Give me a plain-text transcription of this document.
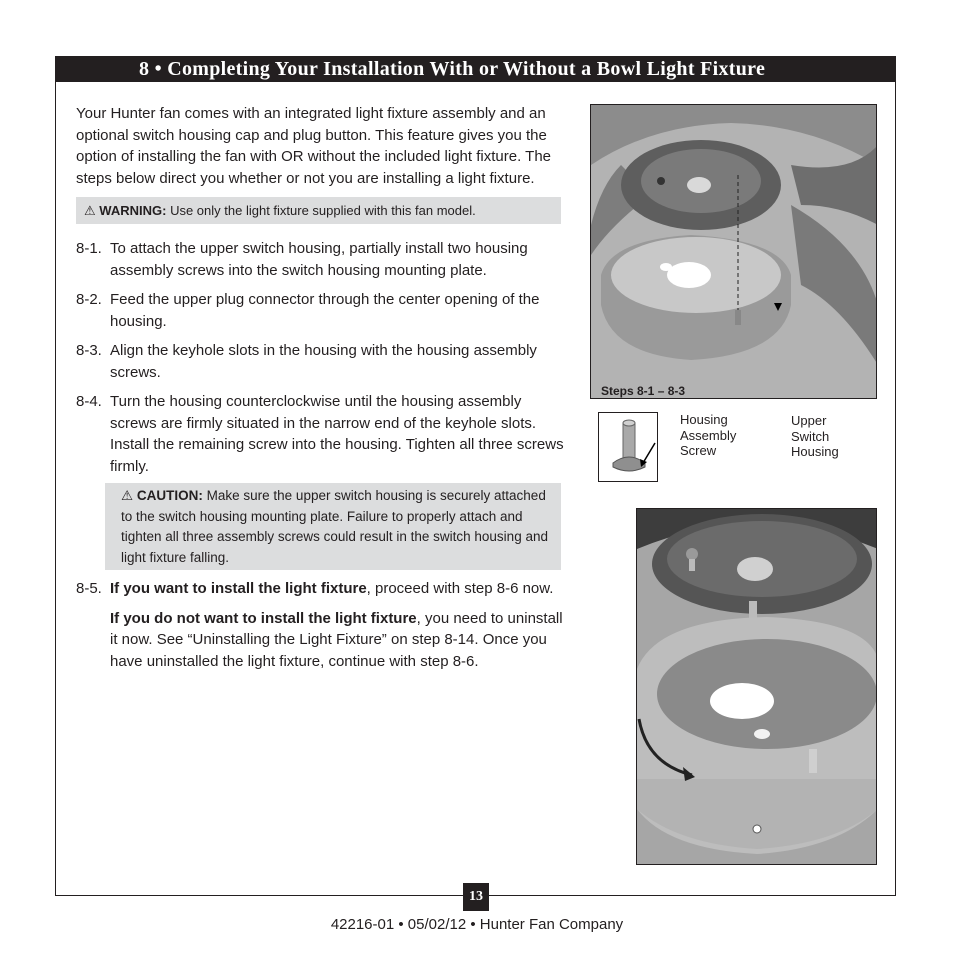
8 • Completing Your Installation With or Without a Bowl Light Fixture

Your Hunter fan comes with an integrated light fixture assembly and an optional switch housing cap and plug button. This feature gives you the option of installing the fan with OR without the included light fixture. The steps below direct you whether or not you are installing a light fixture.

⚠ WARNING: Use only the light fixture supplied with this fan model.
8-1. To attach the upper switch housing, partially install two housing assembly screws into the switch housing mounting plate.
8-2. Feed the upper plug connector through the center opening of the housing.
8-3. Align the keyhole slots in the housing with the housing assembly screws.
8-4. Turn the housing counterclockwise until the housing assembly screws are firmly situated in the narrow end of the keyhole slots. Install the remaining screw into the housing. Tighten all three screws firmly.
⚠ CAUTION: Make sure the upper switch housing is securely attached to the switch housing mounting plate. Failure to properly attach and tighten all three assembly screws could result in the switch housing and light fixture falling.
8-5. If you want to install the light fixture, proceed with step 8-6 now.

If you do not want to install the light fixture, you need to uninstall it now. See “Uninstalling the Light Fixture” on step 8-14. Once you have uninstalled the light fixture, continue with step 8-6.

Steps 8-1 – 8-3
Housing
Assembly
Screw
Upper
Switch
Housing
13
42216-01 • 05/02/12 • Hunter Fan Company
